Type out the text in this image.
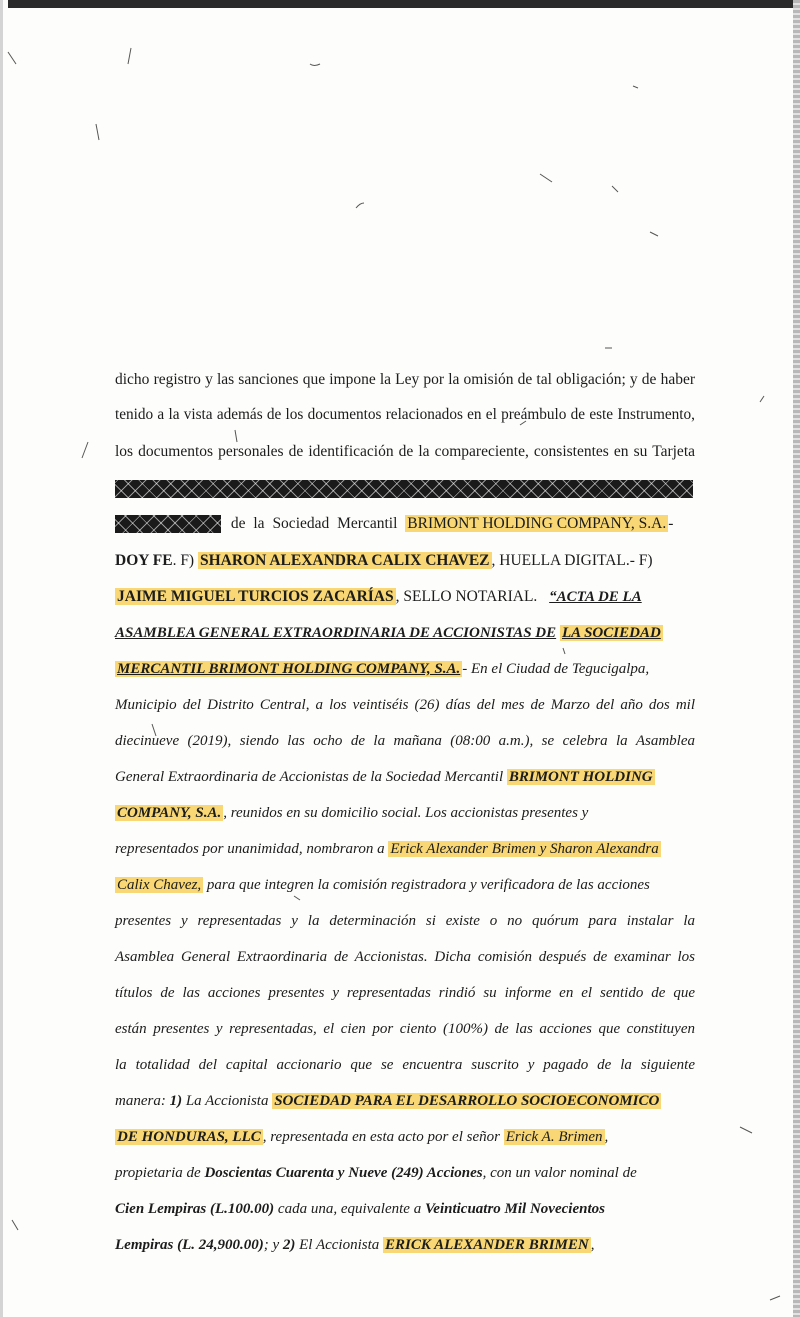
dicho registro y las sanciones que impone la Ley por la omisión de tal obligación; y de haber
tenido a la vista además de los documentos relacionados en el preámbulo de este Instrumento,
los documentos personales de identificación de la compareciente, consistentes en su Tarjeta
de la Sociedad Mercantil BRIMONT HOLDING COMPANY, S.A. -
DOY FE. F) SHARON ALEXANDRA CALIX CHAVEZ , HUELLA DIGITAL.- F)
JAIME MIGUEL TURCIOS ZACARÍAS , SELLO NOTARIAL. “ACTA DE LA
ASAMBLEA GENERAL EXTRAORDINARIA DE ACCIONISTAS DE LA SOCIEDAD
MERCANTIL BRIMONT HOLDING COMPANY, S.A. - En el Ciudad de Tegucigalpa,
Municipio del Distrito Central, a los veintiséis (26) días del mes de Marzo del año dos mil
diecinueve (2019), siendo las ocho de la mañana (08:00 a.m.), se celebra la Asamblea
General Extraordinaria de Accionistas de la Sociedad Mercantil BRIMONT HOLDING
COMPANY, S.A. , reunidos en su domicilio social. Los accionistas presentes y
representados por unanimidad, nombraron a Erick Alexander Brimen y Sharon Alexandra
Calix Chavez, para que integren la comisión registradora y verificadora de las acciones
presentes y representadas y la determinación si existe o no quórum para instalar la
Asamblea General Extraordinaria de Accionistas. Dicha comisión después de examinar los
títulos de las acciones presentes y representadas rindió su informe en el sentido de que
están presentes y representadas, el cien por ciento (100%) de las acciones que constituyen
la totalidad del capital accionario que se encuentra suscrito y pagado de la siguiente
manera: 1) La Accionista SOCIEDAD PARA EL DESARROLLO SOCIOECONOMICO
DE HONDURAS, LLC , representada en esta acto por el señor Erick A. Brimen ,
propietaria de Doscientas Cuarenta y Nueve (249) Acciones, con un valor nominal de
Cien Lempiras (L.100.00) cada una, equivalente a Veinticuatro Mil Novecientos
Lempiras (L. 24,900.00); y 2) El Accionista ERICK ALEXANDER BRIMEN ,
